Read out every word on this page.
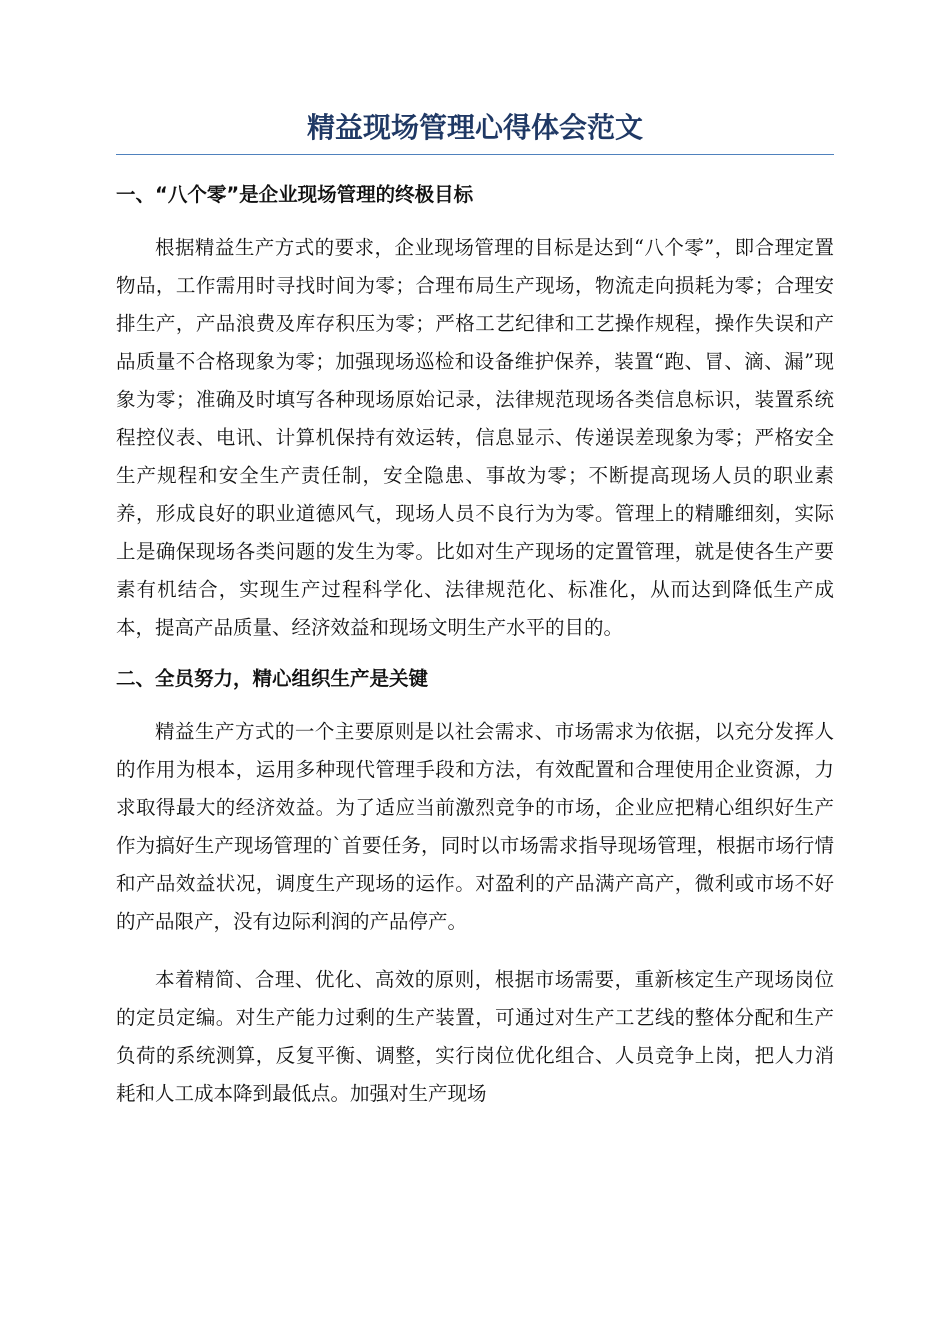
精益现场管理心得体会范文
一、“八个零”是企业现场管理的终极目标

根据精益生产方式的要求，企业现场管理的目标是达到“八个零”，即合理定置物品，工作需用时寻找时间为零；合理布局生产现场，物流走向损耗为零；合理安排生产，产品浪费及库存积压为零；严格工艺纪律和工艺操作规程，操作失误和产品质量不合格现象为零；加强现场巡检和设备维护保养，装置“跑、冒、滴、漏”现象为零；准确及时填写各种现场原始记录，法律规范现场各类信息标识，装置系统程控仪表、电讯、计算机保持有效运转，信息显示、传递误差现象为零；严格安全生产规程和安全生产责任制，安全隐患、事故为零；不断提高现场人员的职业素养，形成良好的职业道德风气，现场人员不良行为为零。管理上的精雕细刻，实际上是确保现场各类问题的发生为零。比如对生产现场的定置管理，就是使各生产要素有机结合，实现生产过程科学化、法律规范化、标准化，从而达到降低生产成本，提高产品质量、经济效益和现场文明生产水平的目的。

二、全员努力，精心组织生产是关键

精益生产方式的一个主要原则是以社会需求、市场需求为依据，以充分发挥人的作用为根本，运用多种现代管理手段和方法，有效配置和合理使用企业资源，力求取得最大的经济效益。为了适应当前激烈竞争的市场，企业应把精心组织好生产作为搞好生产现场管理的`首要任务，同时以市场需求指导现场管理，根据市场行情和产品效益状况，调度生产现场的运作。对盈利的产品满产高产，微利或市场不好的产品限产，没有边际利润的产品停产。

本着精简、合理、优化、高效的原则，根据市场需要，重新核定生产现场岗位的定员定编。对生产能力过剩的生产装置，可通过对生产工艺线的整体分配和生产负荷的系统测算，反复平衡、调整，实行岗位优化组合、人员竞争上岗，把人力消耗和人工成本降到最低点。加强对生产现场
